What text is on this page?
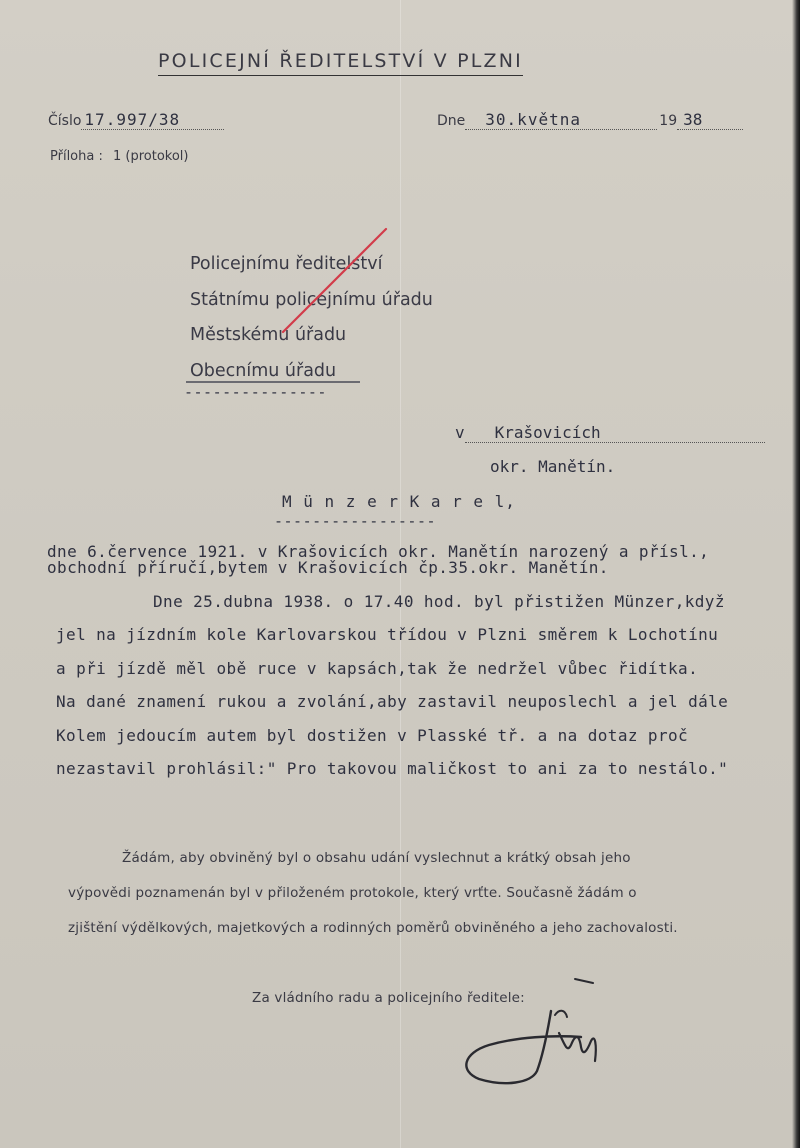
POLICEJNÍ ŘEDITELSTVÍ V PLZNI
Číslo 17.997/38	Dne 30.května	19 38
Příloha : 1 (protokol)
Policejnímu ředitelství
Státnímu policejnímu úřadu
Městskému úřadu
Obecnímu úřadu
---------------
v Krašovicích
okr. Manětín.
M ü n z e r K a r e l,
-----------------
dne 6.července 1921. v Krašovicích okr. Manětín narozený a přísl.,
obchodní příručí,bytem v Krašovicích čp.35.okr. Manětín.
Dne 25.dubna 1938. o 17.40 hod. byl přistižen Münzer,když
jel na jízdním kole Karlovarskou třídou v Plzni směrem k Lochotínu
a při jízdě měl obě ruce v kapsách,tak že nedržel vůbec řidítka.
Na dané znamení rukou a zvolání,aby zastavil neuposlechl a jel dále
Kolem jedoucím autem byl dostižen v Plasské tř. a na dotaz proč
nezastavil prohlásil:" Pro takovou maličkost to ani za to nestálo."
Žádám, aby obviněný byl o obsahu udání vyslechnut a krátký obsah jeho
výpovědi poznamenán byl v přiloženém protokole, který vrťte. Současně žádám o
zjištění výdělkových, majetkových a rodinných poměrů obviněného a jeho zachovalosti.
Za vládního radu a policejního ředitele:
